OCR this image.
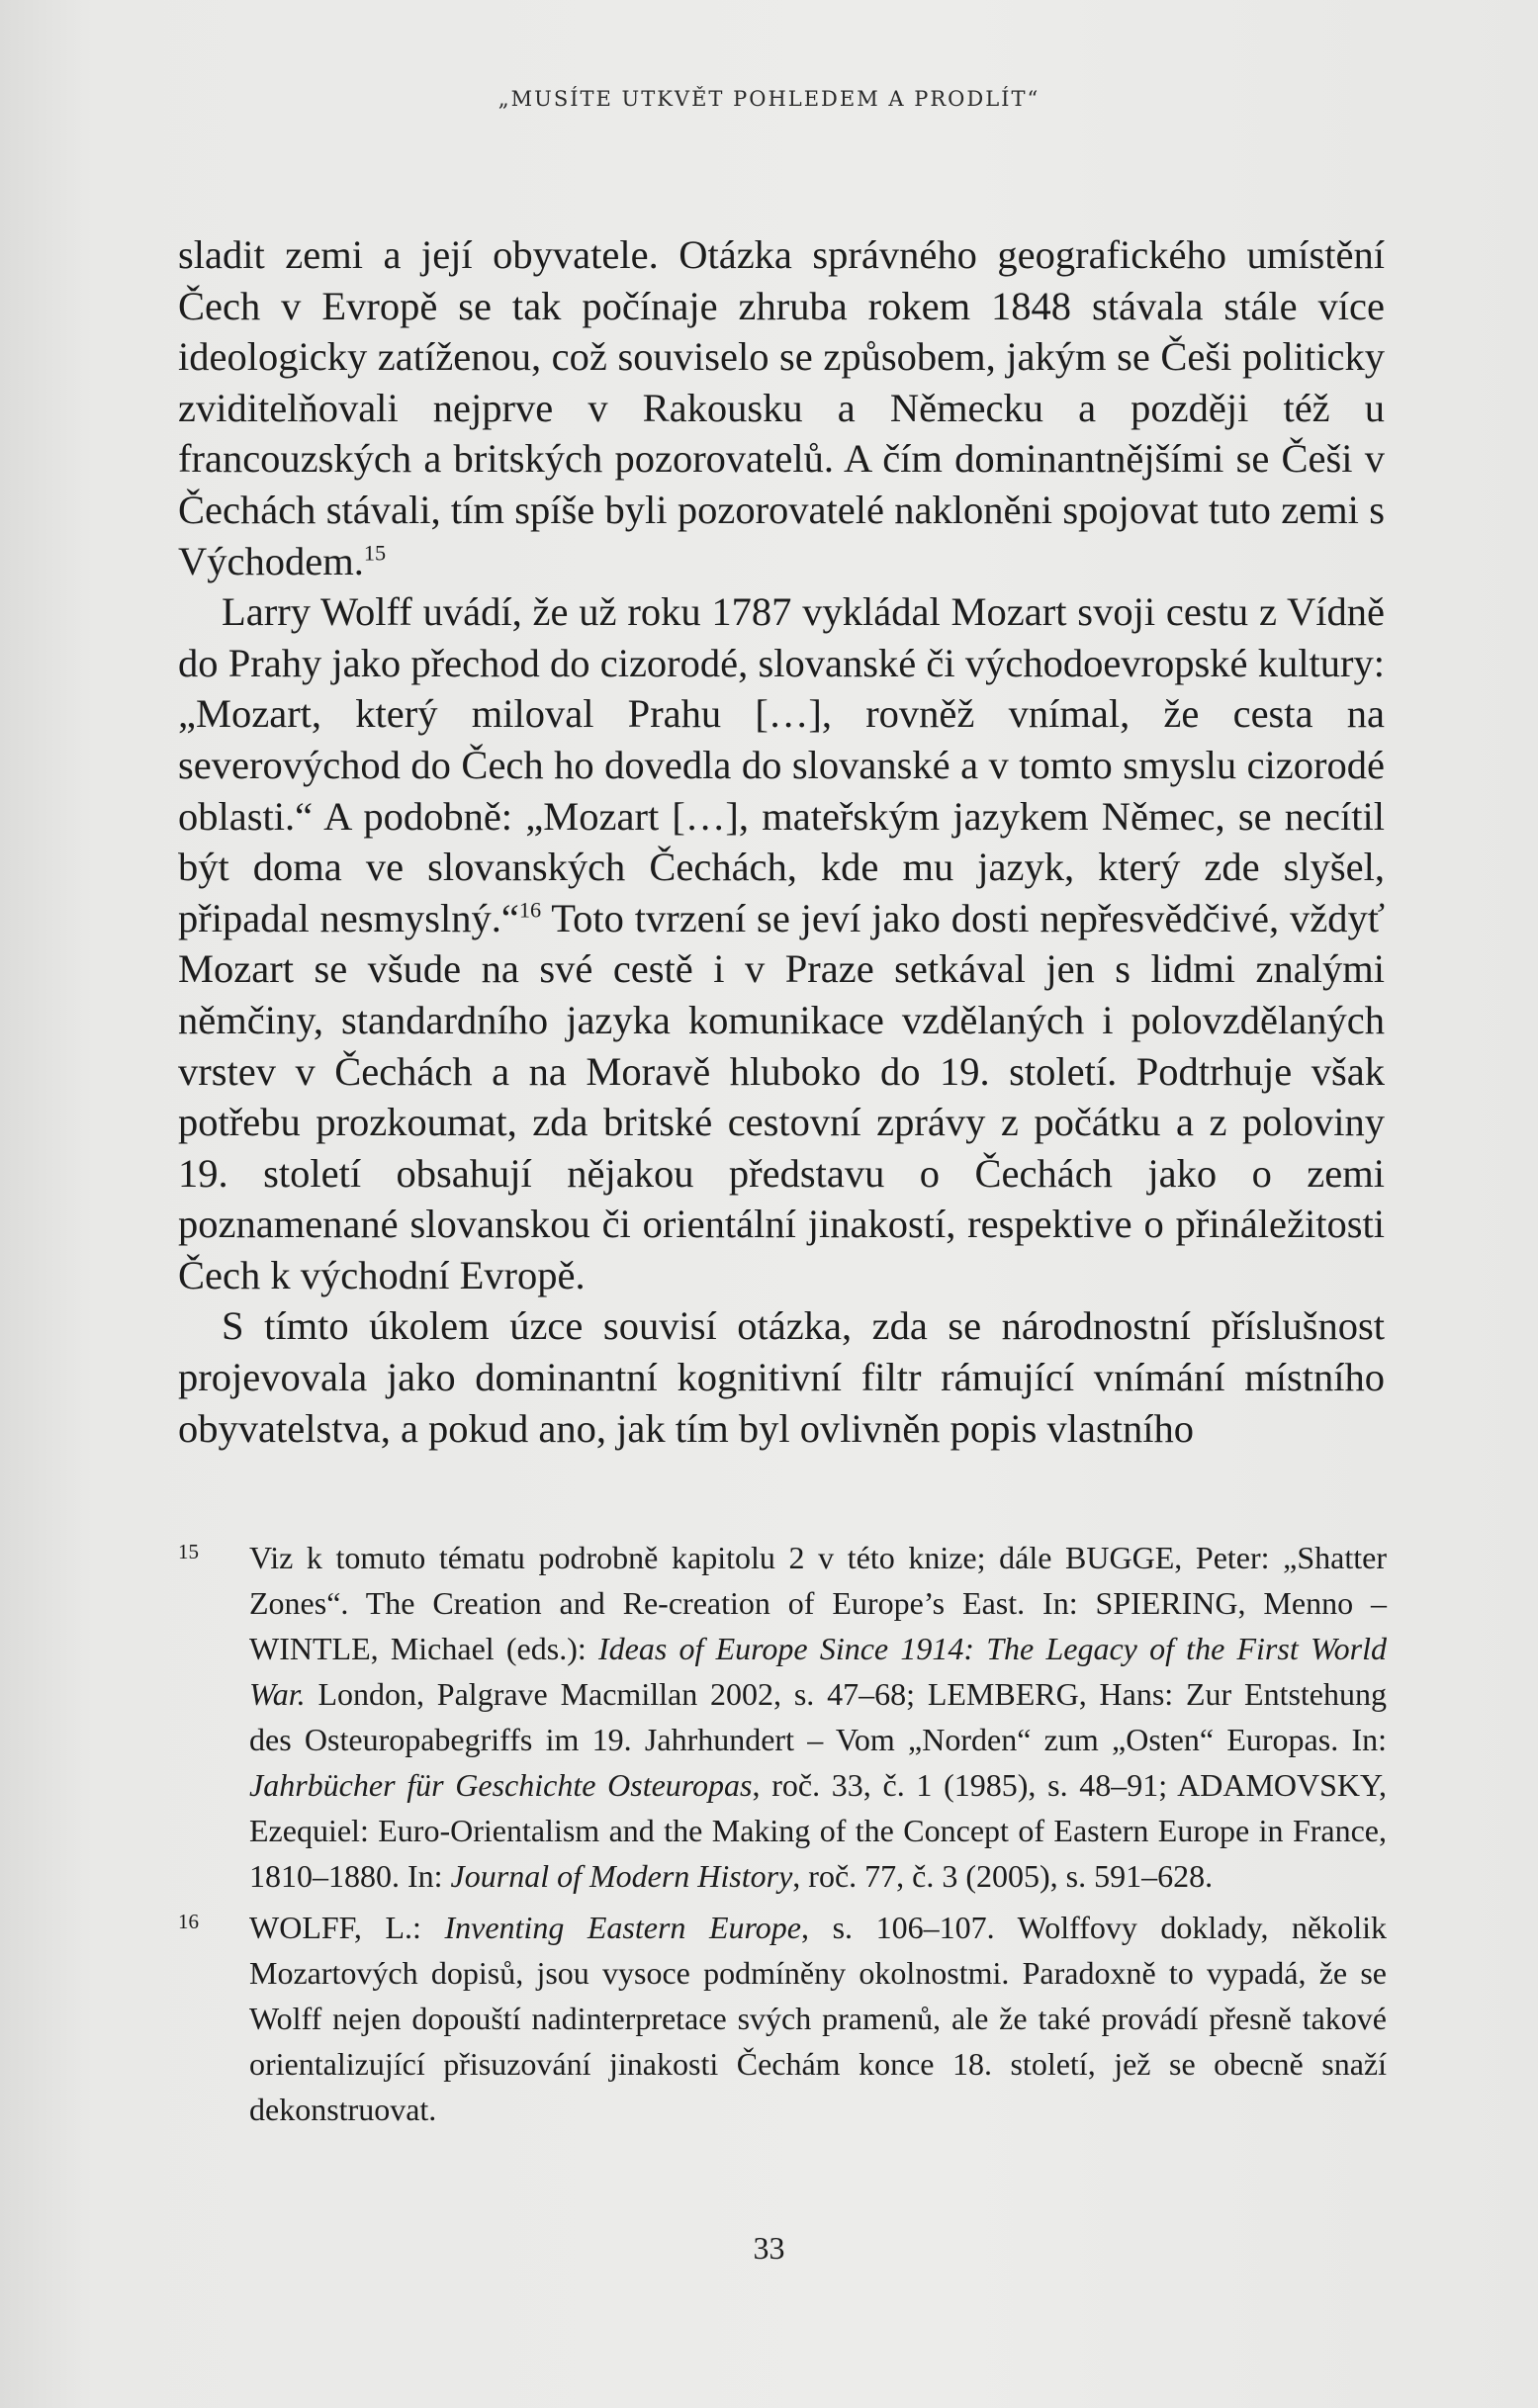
„MUSÍTE UTKVĚT POHLEDEM A PRODLÍT“

sladit zemi a její obyvatele. Otázka správného geografického umístění Čech v Evropě se tak počínaje zhruba rokem 1848 stávala stále více ideologicky zatíženou, což souviselo se způsobem, jakým se Češi politicky zviditelňovali nejprve v Rakousku a Německu a později též u francouzských a britských pozorovatelů. A čím dominantnějšími se Češi v Čechách stávali, tím spíše byli pozorovatelé nakloněni spojovat tuto zemi s Východem.$^{15}$

Larry Wolff uvádí, že už roku 1787 vykládal Mozart svoji cestu z Vídně do Prahy jako přechod do cizorodé, slovanské či východoevropské kultury: „Mozart, který miloval Prahu […], rovněž vnímal, že cesta na severovýchod do Čech ho dovedla do slovanské a v tomto smyslu cizorodé oblasti.“ A podobně: „Mozart […], mateřským jazykem Němec, se necítil být doma ve slovanských Čechách, kde mu jazyk, který zde slyšel, připadal nesmyslný.“$^{16}$ Toto tvrzení se jeví jako dosti nepřesvědčivé, vždyť Mozart se všude na své cestě i v Praze setkával jen s lidmi znalými němčiny, standardního jazyka komunikace vzdělaných i polovzdělaných vrstev v Čechách a na Moravě hluboko do 19. století. Podtrhuje však potřebu prozkoumat, zda britské cestovní zprávy z počátku a z poloviny 19. století obsahují nějakou představu o Čechách jako o zemi poznamenané slovanskou či orientální jinakostí, respektive o přináležitosti Čech k východní Evropě.

S tímto úkolem úzce souvisí otázka, zda se národnostní příslušnost projevovala jako dominantní kognitivní filtr rámující vnímání místního obyvatelstva, a pokud ano, jak tím byl ovlivněn popis vlastního

15 Viz k tomuto tématu podrobně kapitolu 2 v této knize; dále BUGGE, Peter: „Shatter Zones“. The Creation and Re-creation of Europe’s East. In: SPIERING, Menno – WINTLE, Michael (eds.): Ideas of Europe Since 1914: The Legacy of the First World War. London, Palgrave Macmillan 2002, s. 47–68; LEMBERG, Hans: Zur Entstehung des Osteuropabegriffs im 19. Jahrhundert – Vom „Norden“ zum „Osten“ Europas. In: Jahrbücher für Geschichte Osteuropas, roč. 33, č. 1 (1985), s. 48–91; ADAMOVSKY, Ezequiel: Euro-Orientalism and the Making of the Concept of Eastern Europe in France, 1810–1880. In: Journal of Modern History, roč. 77, č. 3 (2005), s. 591–628.
16 WOLFF, L.: Inventing Eastern Europe, s. 106–107. Wolffovy doklady, několik Mozartových dopisů, jsou vysoce podmíněny okolnostmi. Paradoxně to vypadá, že se Wolff nejen dopouští nadinterpretace svých pramenů, ale že také provádí přesně takové orientalizující přisuzování jinakosti Čechám konce 18. století, jež se obecně snaží dekonstruovat.
33
